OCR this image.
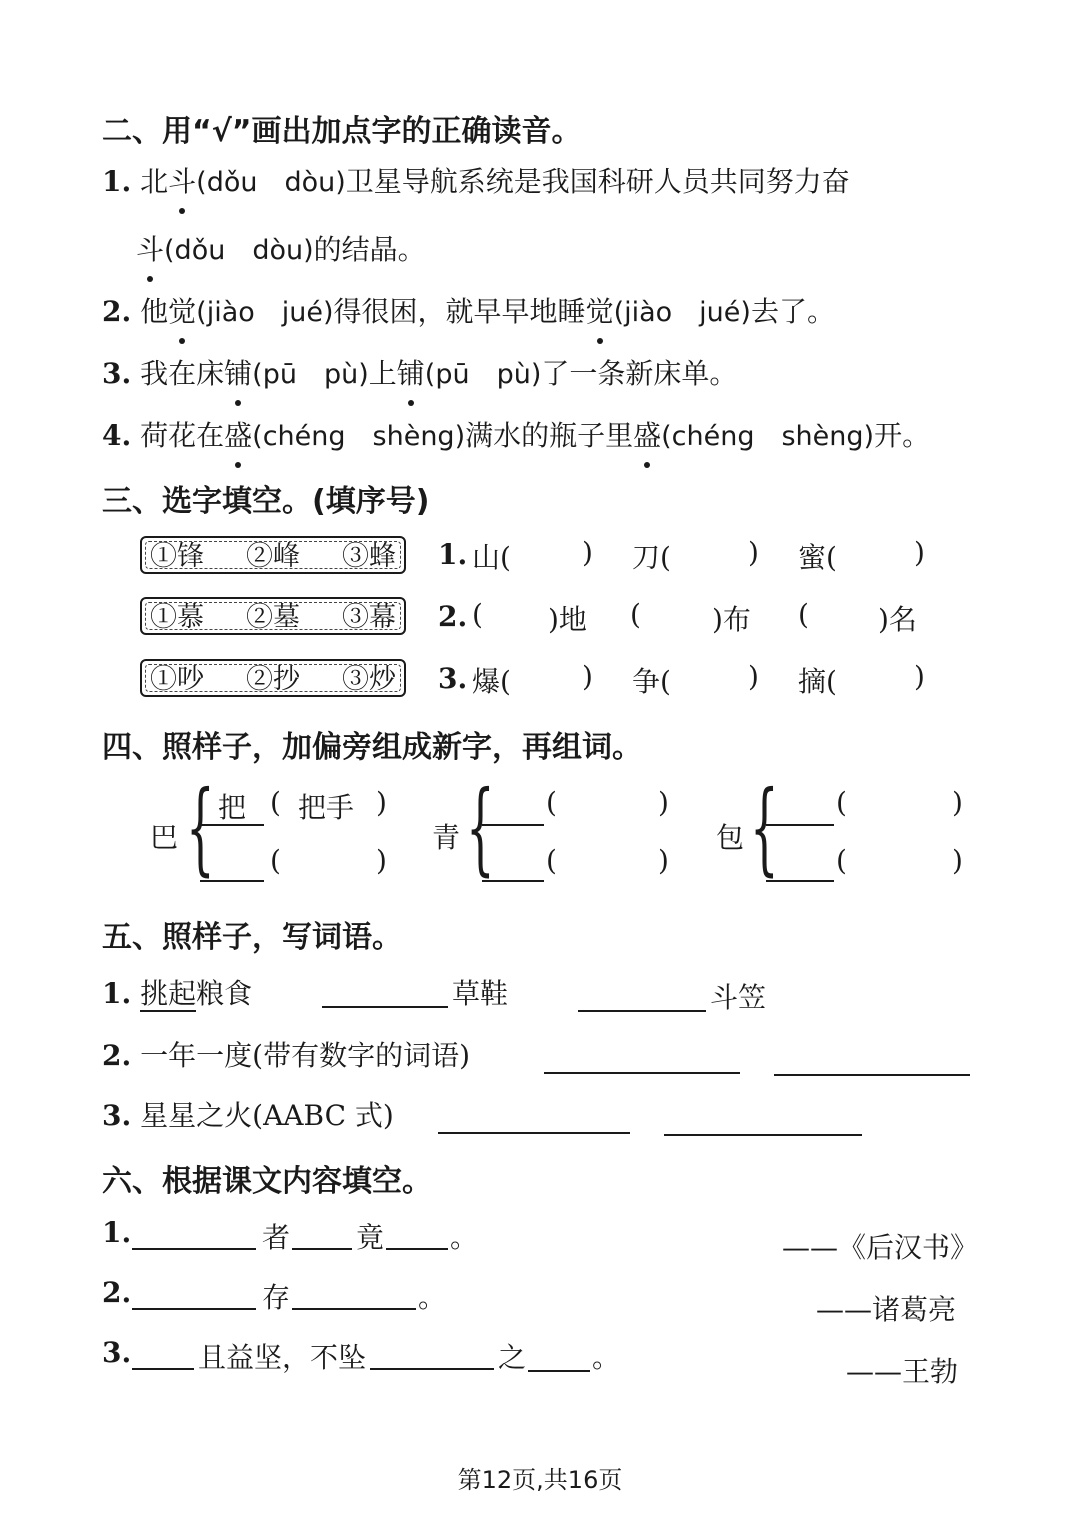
二、用“√”画出加点字的正确读音。
1. 北斗(dǒu　dòu)卫星导航系统是我国科研人员共同努力奋
斗(dǒu　dòu)的结晶。
2. 他觉(jiào　jué)得很困，就早早地睡觉(jiào　jué)去了。
3. 我在床铺(pū　pù)上铺(pū　pù)了一条新床单。
4. 荷花在盛(chéng　shèng)满水的瓶子里盛(chéng　shèng)开。
三、选字填空。(填序号)
①锋 ②峰 ③蜂
①慕 ②墓 ③幕
①吵 ②抄 ③炒
1. 山(	) 刀(	) 蜜(	)
2. ( )地 (	)布 ( )名
3. 爆(	) 争(	) 摘(	)
四、照样子，加偏旁组成新字，再组词。
巴 { 把 ( 把手 )
(	)
青 { (	)
(	)
包 { (	)
(	)
五、照样子，写词语。
1. 挑起粮食	草鞋	斗笠
2. 一年一度(带有数字的词语)
3. 星星之火(AABC 式)
六、根据课文内容填空。
1.	者 竟 。	——《后汉书》
2.	存	。	——诸葛亮
3. 且益坚，不坠	之 。	——王勃
第12页,共16页
